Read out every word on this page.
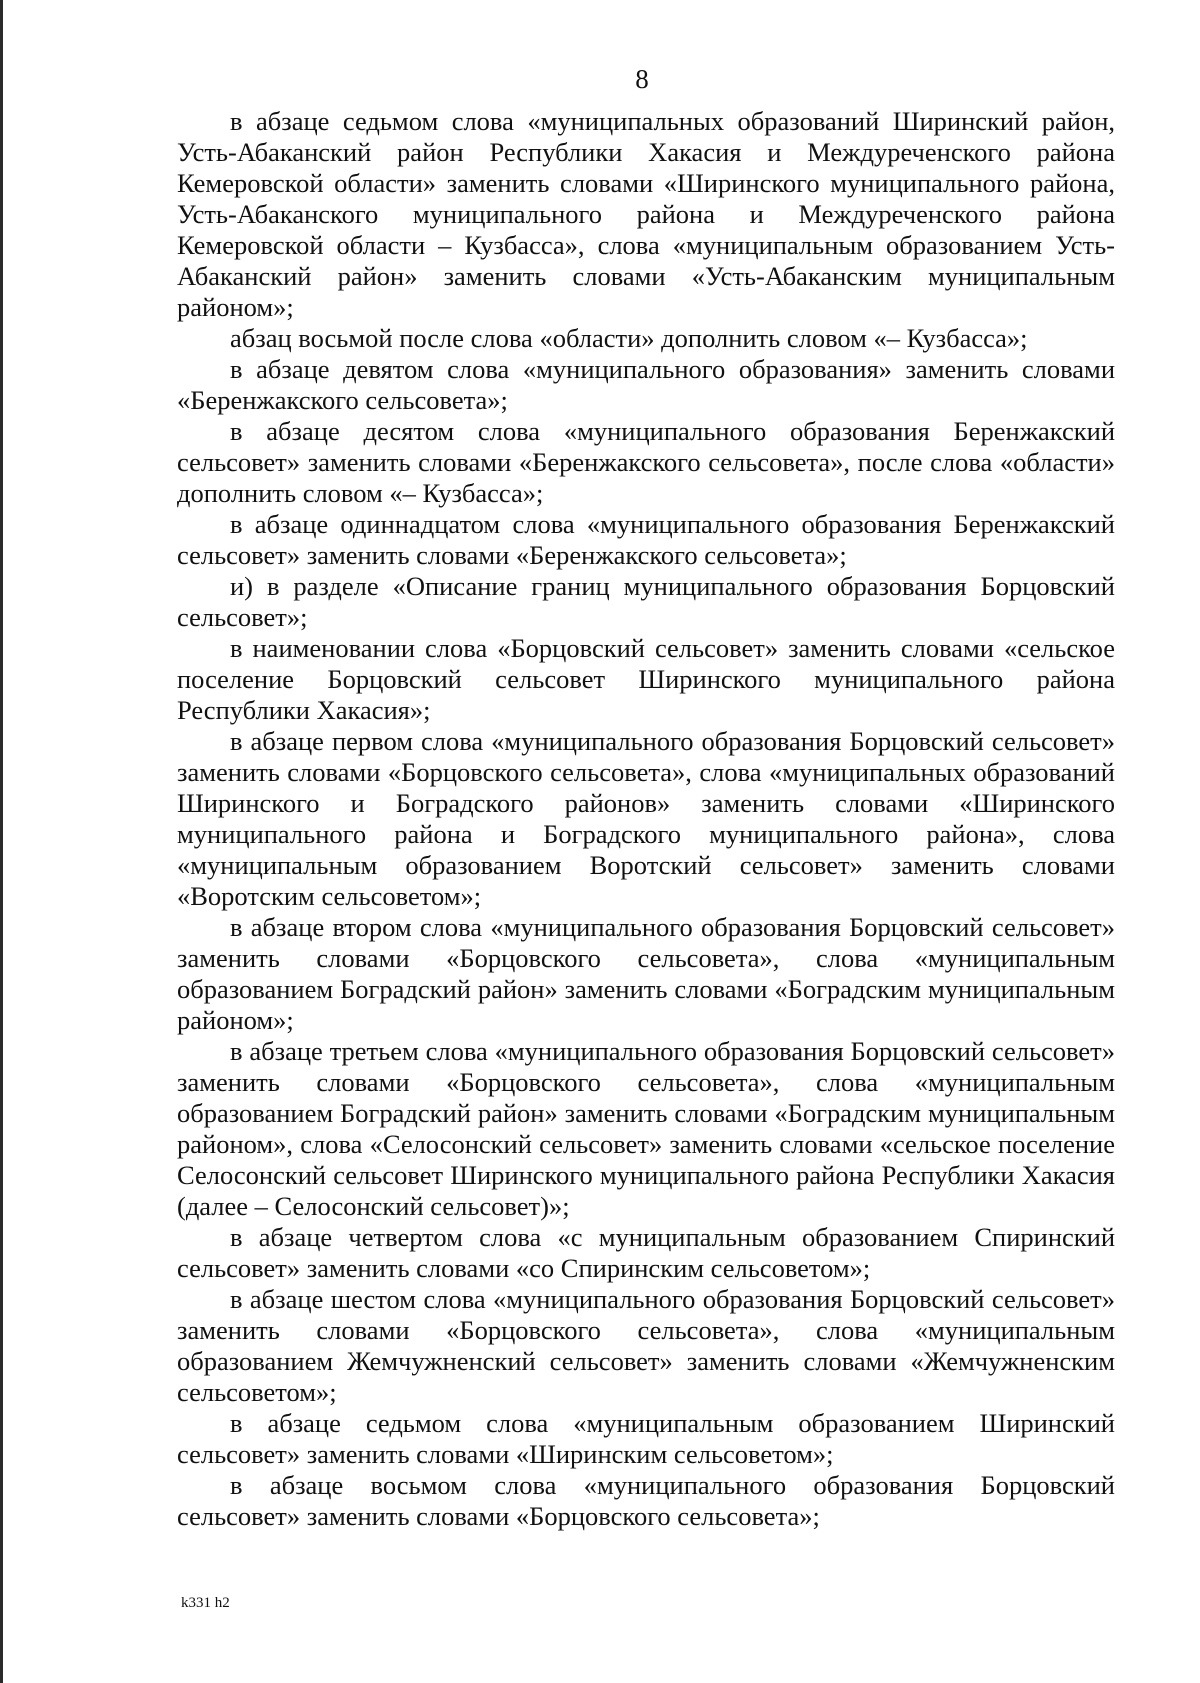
8

в абзаце седьмом слова «муниципальных образований Ширинский район, Усть-Абаканский район Республики Хакасия и Междуреченского района Кемеровской области» заменить словами «Ширинского муниципального района, Усть-Абаканского муниципального района и Междуреченского района Кемеровской области – Кузбасса», слова «муниципальным образованием Усть-Абаканский район» заменить словами «Усть-Абаканским муниципальным районом»;

абзац восьмой после слова «области» дополнить словом «– Кузбасса»;

в абзаце девятом слова «муниципального образования» заменить словами «Беренжакского сельсовета»;

в абзаце десятом слова «муниципального образования Беренжакский сельсовет» заменить словами «Беренжакского сельсовета», после слова «области» дополнить словом «– Кузбасса»;

в абзаце одиннадцатом слова «муниципального образования Беренжакский сельсовет» заменить словами «Беренжакского сельсовета»;

и) в разделе «Описание границ муниципального образования Борцовский сельсовет»;

в наименовании слова «Борцовский сельсовет» заменить словами «сельское поселение Борцовский сельсовет Ширинского муниципального района Республики Хакасия»;

в абзаце первом слова «муниципального образования Борцовский сельсовет» заменить словами «Борцовского сельсовета», слова «муниципальных образований Ширинского и Боградского районов» заменить словами «Ширинского муниципального района и Боградского муниципального района», слова «муниципальным образованием Воротский сельсовет» заменить словами «Воротским сельсоветом»;

в абзаце втором слова «муниципального образования Борцовский сельсовет» заменить словами «Борцовского сельсовета», слова «муниципальным образованием Боградский район» заменить словами «Боградским муниципальным районом»;

в абзаце третьем слова «муниципального образования Борцовский сельсовет» заменить словами «Борцовского сельсовета», слова «муниципальным образованием Боградский район» заменить словами «Боградским муниципальным районом», слова «Селосонский сельсовет» заменить словами «сельское поселение Селосонский сельсовет Ширинского муниципального района Республики Хакасия (далее – Селосонский сельсовет)»;

в абзаце четвертом слова «с муниципальным образованием Спиринский сельсовет» заменить словами «со Спиринским сельсоветом»;

в абзаце шестом слова «муниципального образования Борцовский сельсовет» заменить словами «Борцовского сельсовета», слова «муниципальным образованием Жемчужненский сельсовет» заменить словами «Жемчужненским сельсоветом»;

в абзаце седьмом слова «муниципальным образованием Ширинский сельсовет» заменить словами «Ширинским сельсоветом»;

в абзаце восьмом слова «муниципального образования Борцовский сельсовет» заменить словами «Борцовского сельсовета»;

k331 h2
